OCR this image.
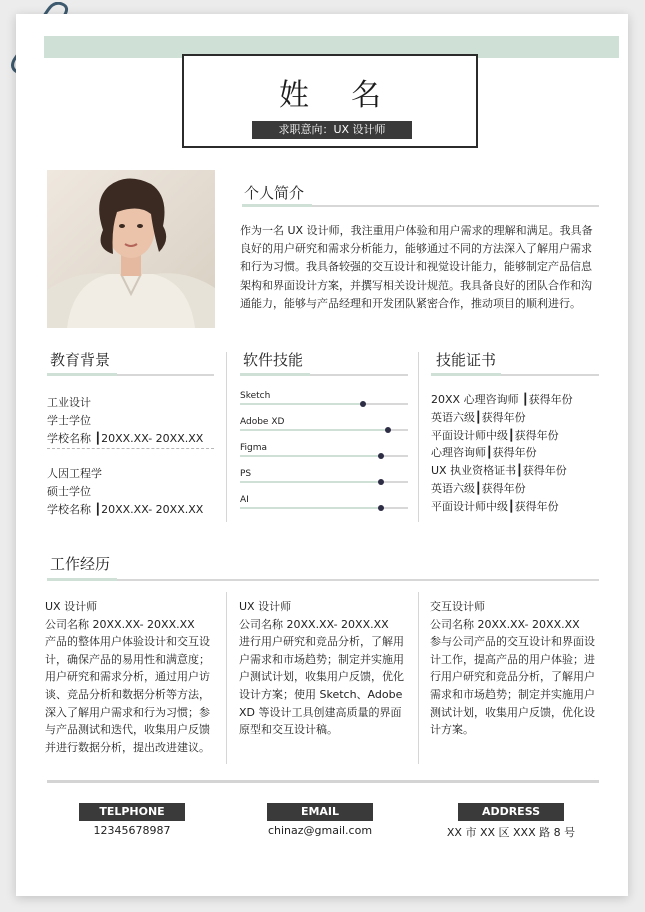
姓名
求职意向：UX 设计师
个人简介
作为一名 UX 设计师，我注重用户体验和用户需求的理解和满足。我具备良好的用户研究和需求分析能力，能够通过不同的方法深入了解用户需求和行为习惯。我具备较强的交互设计和视觉设计能力，能够制定产品信息架构和界面设计方案，并撰写相关设计规范。我具备良好的团队合作和沟通能力，能够与产品经理和开发团队紧密合作，推动项目的顺利进行。
教育背景

工业设计

学士学位

学校名称 ┃20XX.XX- 20XX.XX

人因工程学

硕士学位

学校名称 ┃20XX.XX- 20XX.XX

软件技能
Sketch
Adobe XD
Figma
PS
AI
技能证书

20XX 心理咨询师 ┃获得年份

英语六级┃获得年份

平面设计师中级┃获得年份

心理咨询师┃获得年份

UX 执业资格证书┃获得年份

英语六级┃获得年份

平面设计师中级┃获得年份

工作经历

UX 设计师

公司名称 20XX.XX- 20XX.XX

产品的整体用户体验设计和交互设计，确保产品的易用性和满意度；用户研究和需求分析，通过用户访谈、竞品分析和数据分析等方法，深入了解用户需求和行为习惯；参与产品测试和迭代，收集用户反馈并进行数据分析，提出改进建议。

UX 设计师

公司名称 20XX.XX- 20XX.XX

进行用户研究和竞品分析，了解用户需求和市场趋势；制定并实施用户测试计划，收集用户反馈，优化设计方案；使用 Sketch、Adobe XD 等设计工具创建高质量的界面原型和交互设计稿。

交互设计师

公司名称 20XX.XX- 20XX.XX

参与公司产品的交互设计和界面设计工作，提高产品的用户体验；进行用户研究和竞品分析，了解用户需求和市场趋势；制定并实施用户测试计划，收集用户反馈，优化设计方案。

TELPHONE
12345678987
EMAIL
chinaz@gmail.com
ADDRESS
XX 市 XX 区 XXX 路 8 号
